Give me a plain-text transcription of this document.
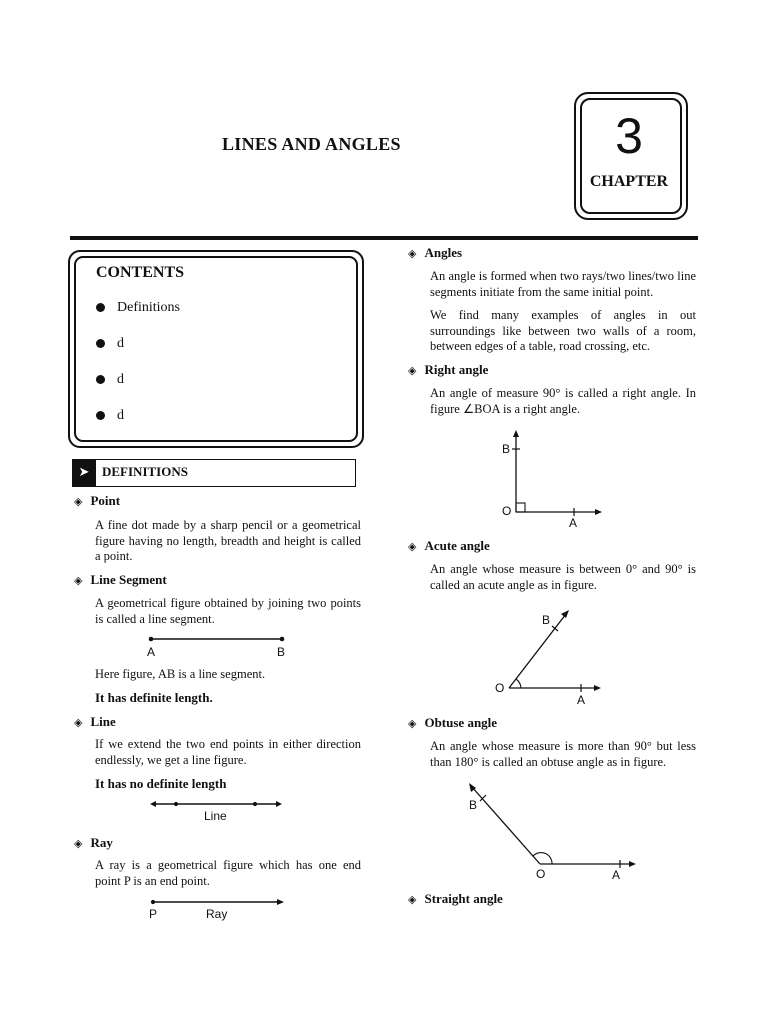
LINES AND ANGLES	3
CHAPTER
CONTENTS
Definitions
d
d
d
➤ DEFINITIONS
◈ Point
A fine dot made by a sharp pencil or a geometrical figure having no length, breadth and height is called a point.
◈ Line Segment
A geometrical figure obtained by joining two points is called a line segment.
A	B
Here figure, AB is a line segment.
It has definite length.
◈ Line
If we extend the two end points in either direction endlessly, we get a line figure.
It has no definite length
Line
◈ Ray
A ray is a geometrical figure which has one end point P is an end point.
P	Ray
◈ Angles
An angle is formed when two rays/two lines/two line segments initiate from the same initial point.
We find many examples of angles in out surroundings like between two walls of a room, between edges of a table, road crossing, etc.
◈ Right angle
An angle of measure 90° is called a right angle. In figure ∠BOA is a right angle.
B
O
A
◈ Acute angle
An angle whose measure is between 0° and 90° is called an acute angle as in figure.
B
O
A
◈ Obtuse angle
An angle whose measure is more than 90° but less than 180° is called an obtuse angle as in figure.
B
O	A
◈ Straight angle
